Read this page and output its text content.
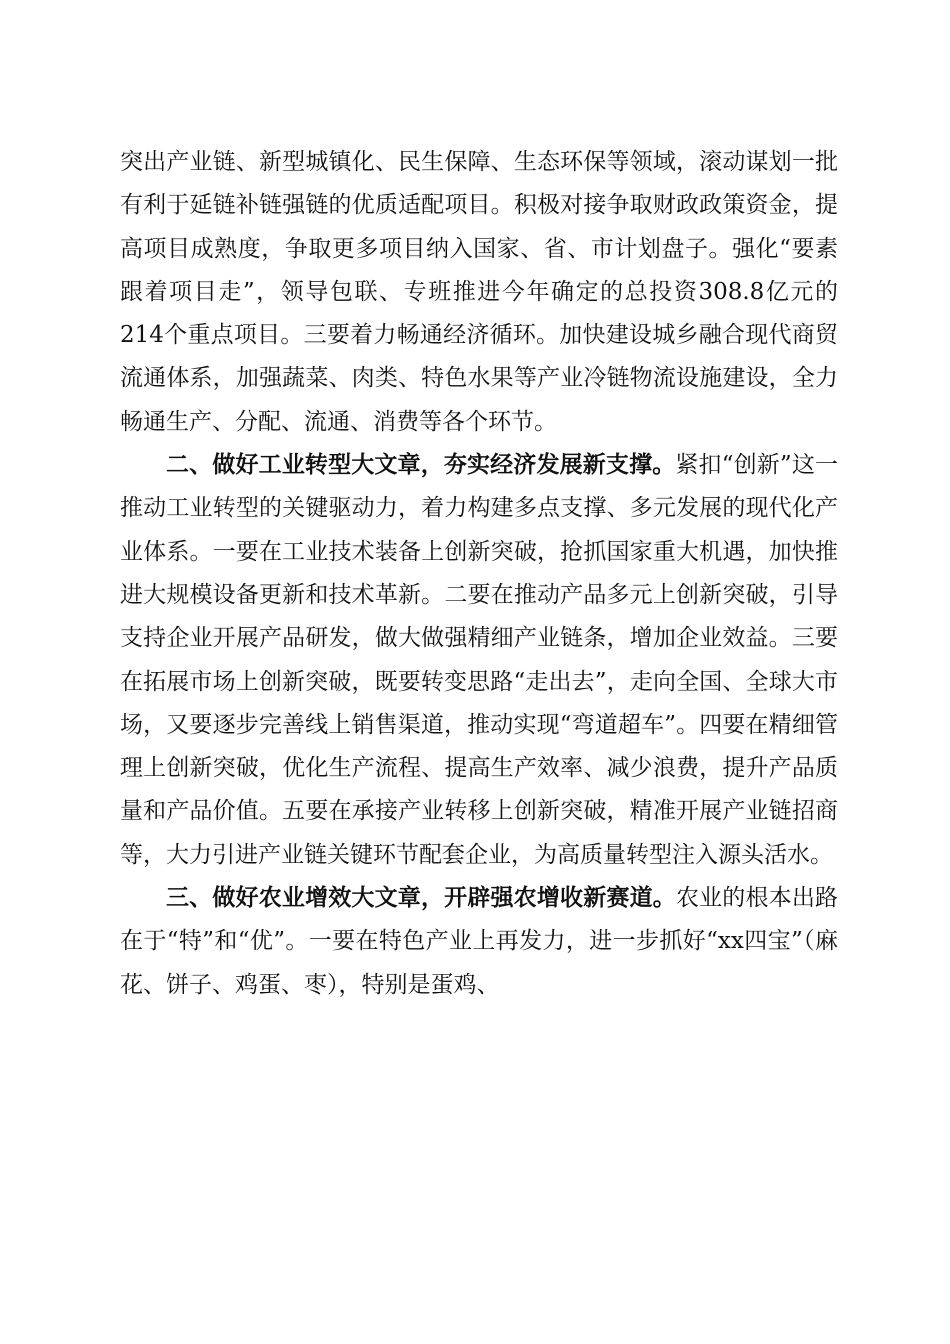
突出产业链、新型城镇化、民生保障、生态环保等领域，滚动谋划一批有利于延链补链强链的优质适配项目。积极对接争取财政政策资金，提高项目成熟度，争取更多项目纳入国家、省、市计划盘子。强化“要素跟着项目走”，领导包联、专班推进今年确定的总投资308.8亿元的214个重点项目。三要着力畅通经济循环。加快建设城乡融合现代商贸流通体系，加强蔬菜、肉类、特色水果等产业冷链物流设施建设，全力畅通生产、分配、流通、消费等各个环节。

二、做好工业转型大文章，夯实经济发展新支撑。紧扣“创新”这一推动工业转型的关键驱动力，着力构建多点支撑、多元发展的现代化产业体系。一要在工业技术装备上创新突破，抢抓国家重大机遇，加快推进大规模设备更新和技术革新。二要在推动产品多元上创新突破，引导支持企业开展产品研发，做大做强精细产业链条，增加企业效益。三要在拓展市场上创新突破，既要转变思路“走出去”，走向全国、全球大市场，又要逐步完善线上销售渠道，推动实现“弯道超车”。四要在精细管理上创新突破，优化生产流程、提高生产效率、减少浪费，提升产品质量和产品价值。五要在承接产业转移上创新突破，精准开展产业链招商等，大力引进产业链关键环节配套企业，为高质量转型注入源头活水。

三、做好农业增效大文章，开辟强农增收新赛道。农业的根本出路在于“特”和“优”。一要在特色产业上再发力，进一步抓好“xx四宝”（麻花、饼子、鸡蛋、枣），特别是蛋鸡、
